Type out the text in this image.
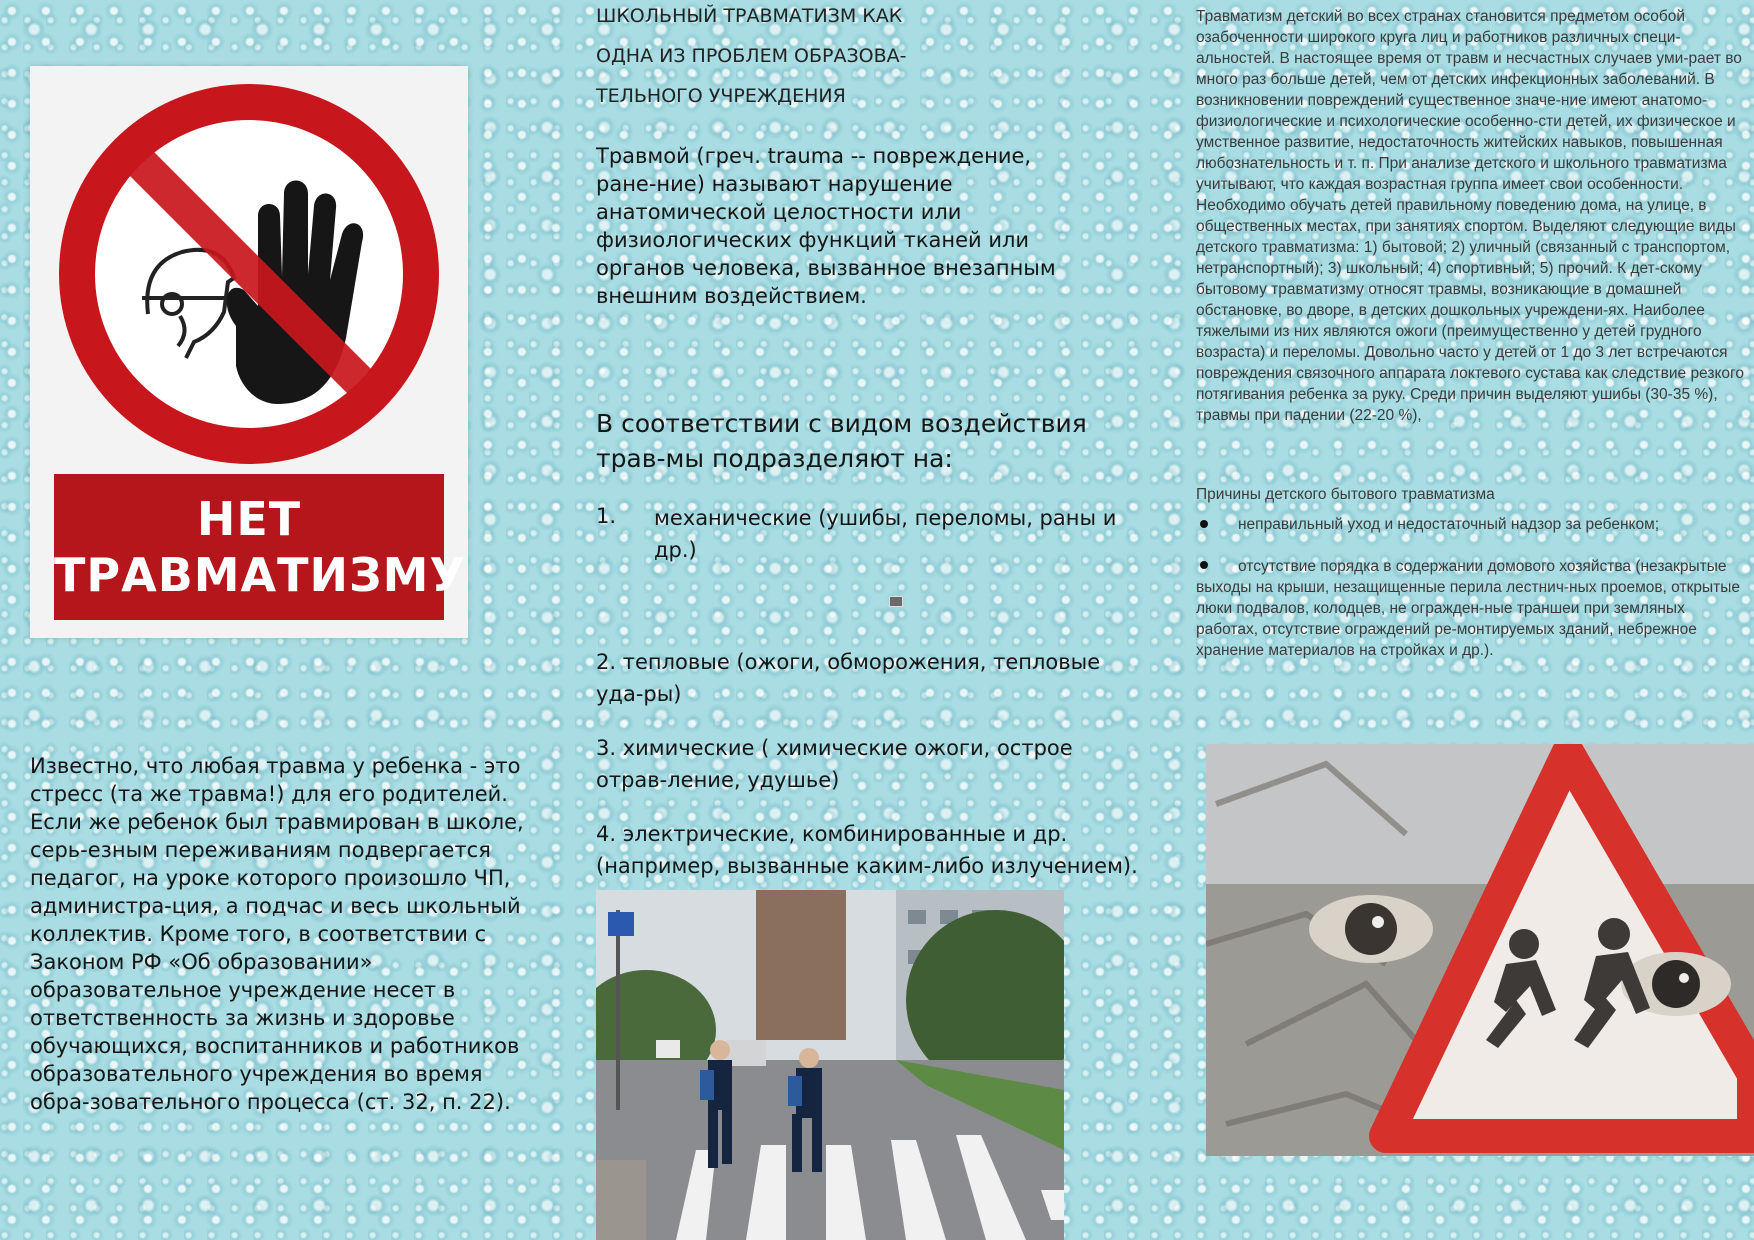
НЕТ
ТРАВМАТИЗМУ

Известно, что любая травма у ребенка - это стресс (та же травма!) для его родителей. Если же ребенок был травмирован в школе, серь-езным переживаниям подвергается педагог, на уроке которого произошло ЧП, администра-ция, а подчас и весь школьный коллектив. Кроме того, в соответствии с Законом РФ «Об образовании» образовательное учреждение несет в ответственность за жизнь и здоровье обучающихся, воспитанников и работников образовательного учреждения во время обра-зовательного процесса (ст. 32, п. 22).

ШКОЛЬНЫЙ ТРАВМАТИЗМ КАК

ОДНА ИЗ ПРОБЛЕМ ОБРАЗОВА-

ТЕЛЬНОГО УЧРЕЖДЕНИЯ

Травмой (греч. trauma -- повреждение, ране-ние) называют нарушение анатомической целостности или физиологических функций тканей или органов человека, вызванное внезапным внешним воздействием.

В соответствии с видом воздействия трав-мы подразделяют на:

1.	механические (ушибы, переломы, раны и др.)

2. тепловые (ожоги, обморожения, тепловые уда-ры)

3. химические ( химические ожоги, острое отрав-ление, удушье)

4. электрические, комбинированные и др. (например, вызванные каким-либо излучением).

Травматизм детский во всех странах становится предметом особой озабоченности широкого круга лиц и работников различных специ-альностей. В настоящее время от травм и несчастных случаев уми-рает во много раз больше детей, чем от детских инфекционных заболеваний. В возникновении повреждений существенное значе-ние имеют анатомо-физиологические и психологические особенно-сти детей, их физическое и умственное развитие, недостаточность житейских навыков, повышенная любознательность и т. п. При анализе детского и школьного травматизма учитывают, что каждая возрастная группа имеет свои особенности. Необходимо обучать детей правильному поведению дома, на улице, в общественных местах, при занятиях спортом. Выделяют следующие виды детского травматизма: 1) бытовой; 2) уличный (связанный с транспортом, нетранспортный); 3) школьный; 4) спортивный; 5) прочий. К дет-скому бытовому травматизму относят травмы, возникающие в домашней обстановке, во дворе, в детских дошкольных учреждени-ях. Наиболее тяжелыми из них являются ожоги (преимущественно у детей грудного возраста) и переломы. Довольно часто у детей от 1 до 3 лет встречаются повреждения связочного аппарата локтевого сустава как следствие резкого потягивания ребенка за руку. Среди причин выделяют ушибы (30-35 %), травмы при падении (22-20 %),

Причины детского бытового травматизма

неправильный уход и недостаточный надзор за ребенком;
отсутствие порядка в содержании домового хозяйства (незакрытые выходы на крыши, незащищенные перила лестнич-ных проемов, открытые люки подвалов, колодцев, не огражден-ные траншеи при земляных работах, отсутствие ограждений ре-монтируемых зданий, небрежное хранение материалов на стройках и др.).
